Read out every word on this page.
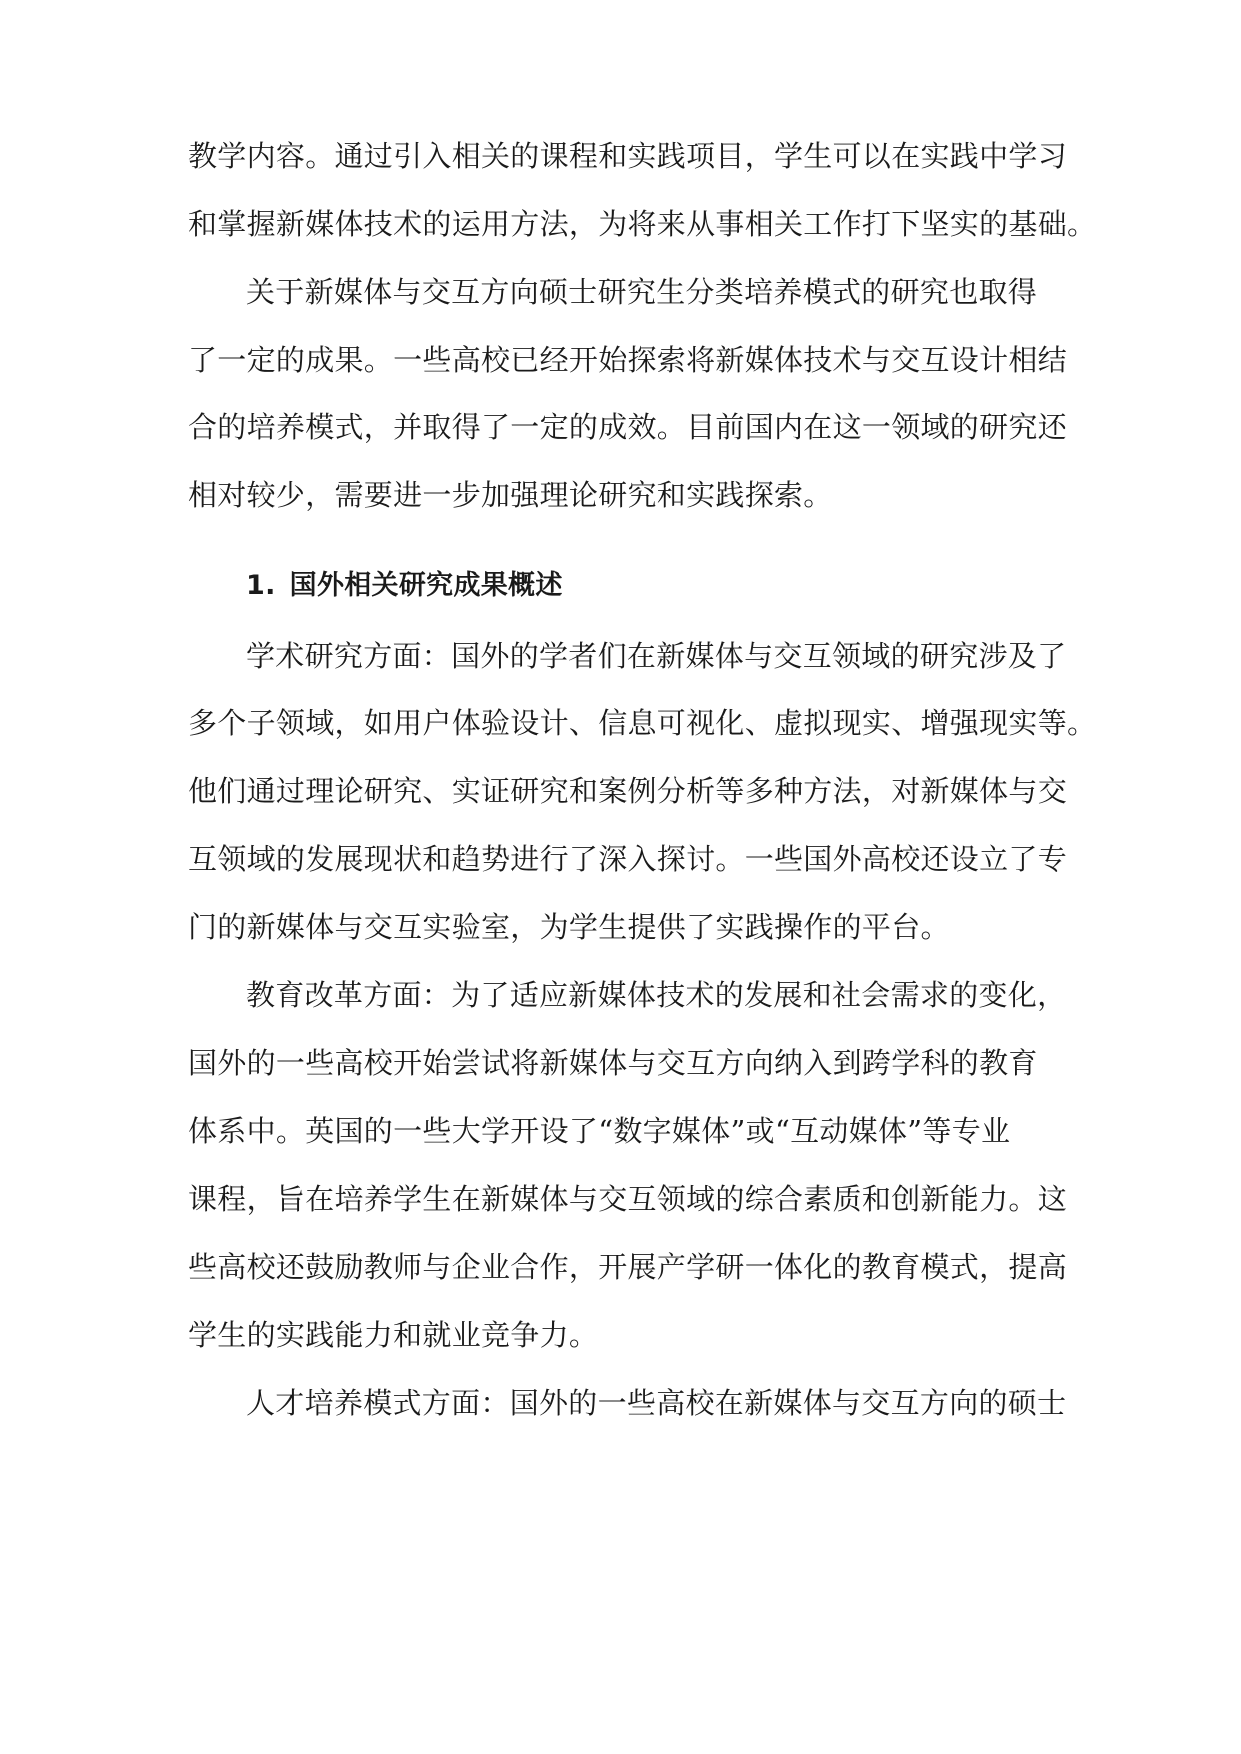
教学内容。通过引入相关的课程和实践项目，学生可以在实践中学习
和掌握新媒体技术的运用方法，为将来从事相关工作打下坚实的基础。
关于新媒体与交互方向硕士研究生分类培养模式的研究也取得
了一定的成果。一些高校已经开始探索将新媒体技术与交互设计相结
合的培养模式，并取得了一定的成效。目前国内在这一领域的研究还
相对较少，需要进一步加强理论研究和实践探索。
1. 国外相关研究成果概述
学术研究方面：国外的学者们在新媒体与交互领域的研究涉及了
多个子领域，如用户体验设计、信息可视化、虚拟现实、增强现实等。
他们通过理论研究、实证研究和案例分析等多种方法，对新媒体与交
互领域的发展现状和趋势进行了深入探讨。一些国外高校还设立了专
门的新媒体与交互实验室，为学生提供了实践操作的平台。
教育改革方面：为了适应新媒体技术的发展和社会需求的变化，
国外的一些高校开始尝试将新媒体与交互方向纳入到跨学科的教育
体系中。英国的一些大学开设了“数字媒体”或“互动媒体”等专业
课程，旨在培养学生在新媒体与交互领域的综合素质和创新能力。这
些高校还鼓励教师与企业合作，开展产学研一体化的教育模式，提高
学生的实践能力和就业竞争力。
人才培养模式方面：国外的一些高校在新媒体与交互方向的硕士
